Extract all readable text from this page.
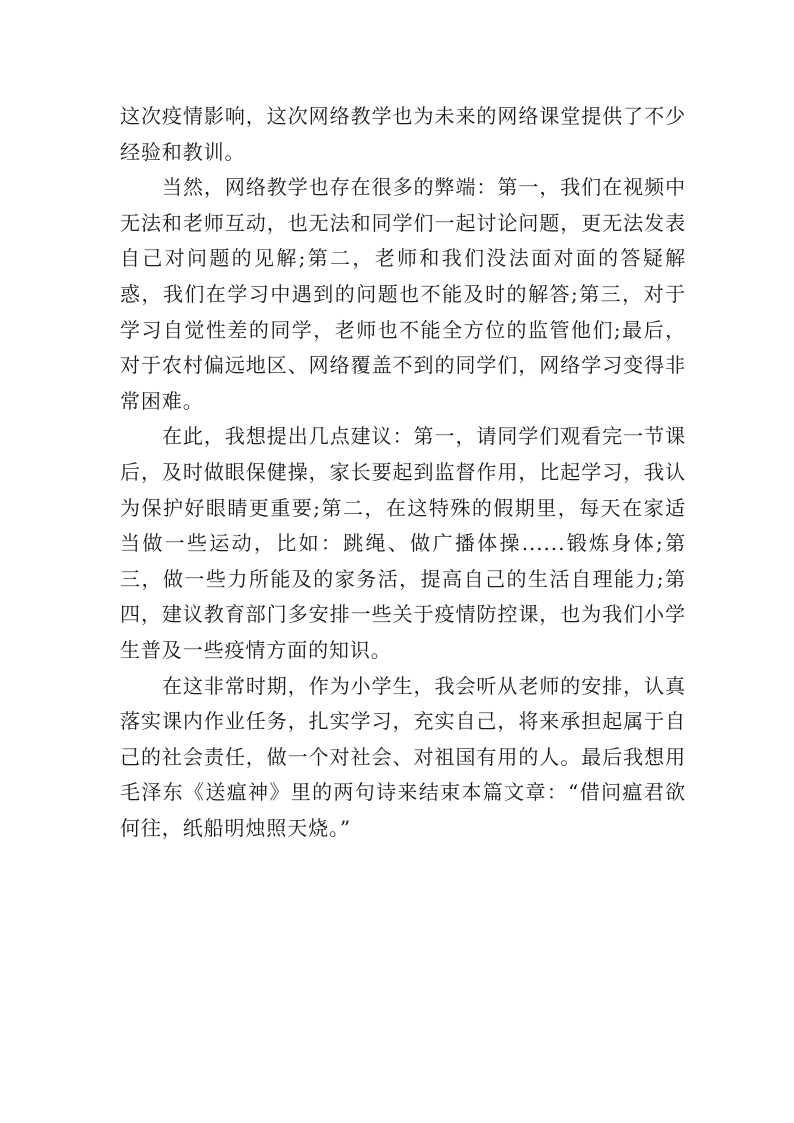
这次疫情影响，这次网络教学也为未来的网络课堂提供了不少经验和教训。

当然，网络教学也存在很多的弊端：第一，我们在视频中无法和老师互动，也无法和同学们一起讨论问题，更无法发表自己对问题的见解;第二，老师和我们没法面对面的答疑解惑，我们在学习中遇到的问题也不能及时的解答;第三，对于学习自觉性差的同学，老师也不能全方位的监管他们;最后，对于农村偏远地区、网络覆盖不到的同学们，网络学习变得非常困难。

在此，我想提出几点建议：第一，请同学们观看完一节课后，及时做眼保健操，家长要起到监督作用，比起学习，我认为保护好眼睛更重要;第二，在这特殊的假期里，每天在家适当做一些运动，比如：跳绳、做广播体操......锻炼身体;第三，做一些力所能及的家务活，提高自己的生活自理能力;第四，建议教育部门多安排一些关于疫情防控课，也为我们小学生普及一些疫情方面的知识。

在这非常时期，作为小学生，我会听从老师的安排，认真落实课内作业任务，扎实学习，充实自己，将来承担起属于自己的社会责任，做一个对社会、对祖国有用的人。最后我想用毛泽东《送瘟神》里的两句诗来结束本篇文章：“借问瘟君欲何往，纸船明烛照天烧。”
